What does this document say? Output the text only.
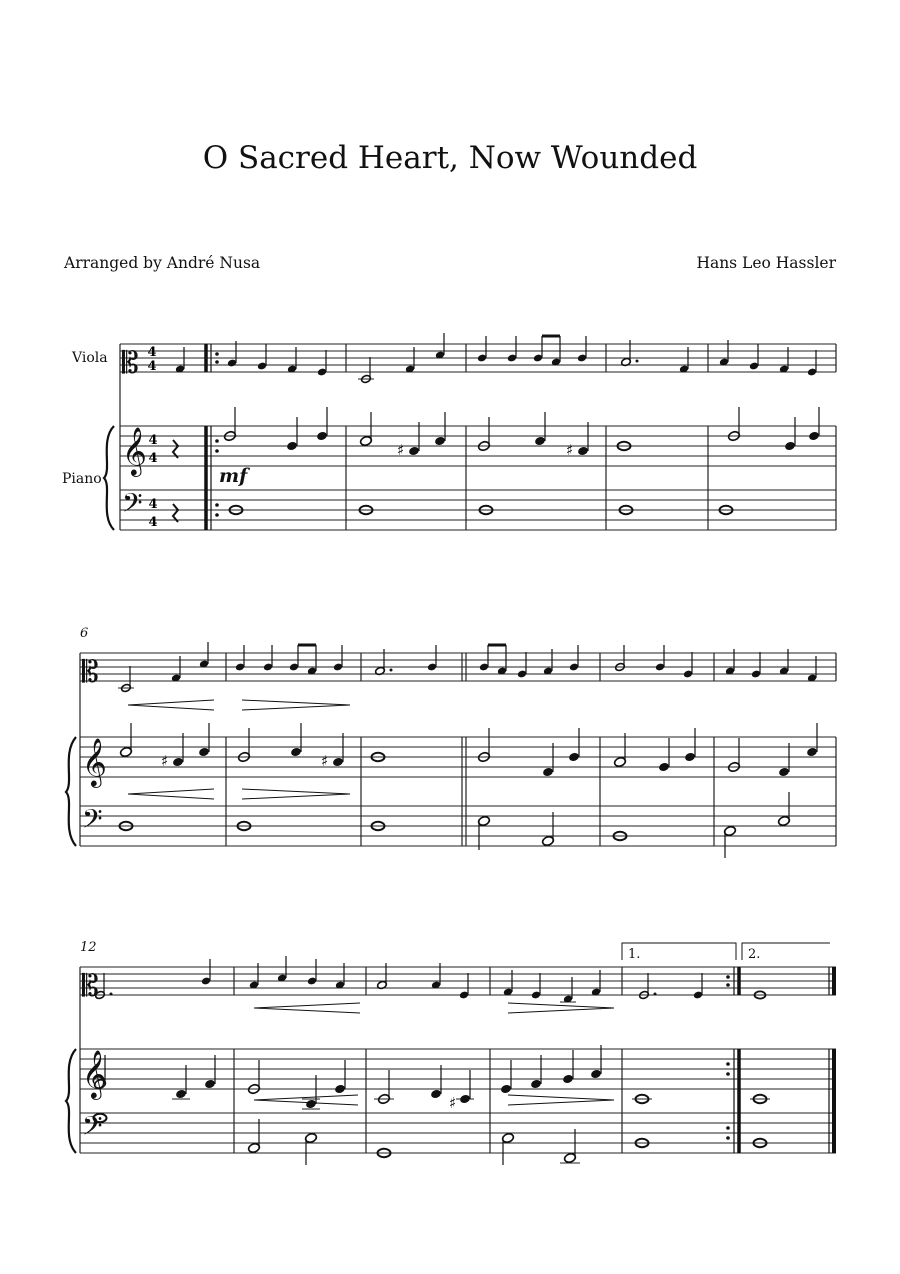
O Sacred Heart, Now Wounded
Arranged by André Nusa	Hans Leo Hassler
Viola
Piano
𝄡 4
4
𝄞 4
4
𝄢 4
4
♯	♯
mf
6
𝄡
𝄞
𝄢
♯	♯
12
𝄡
𝄞
𝄢
1.	2.
♯
